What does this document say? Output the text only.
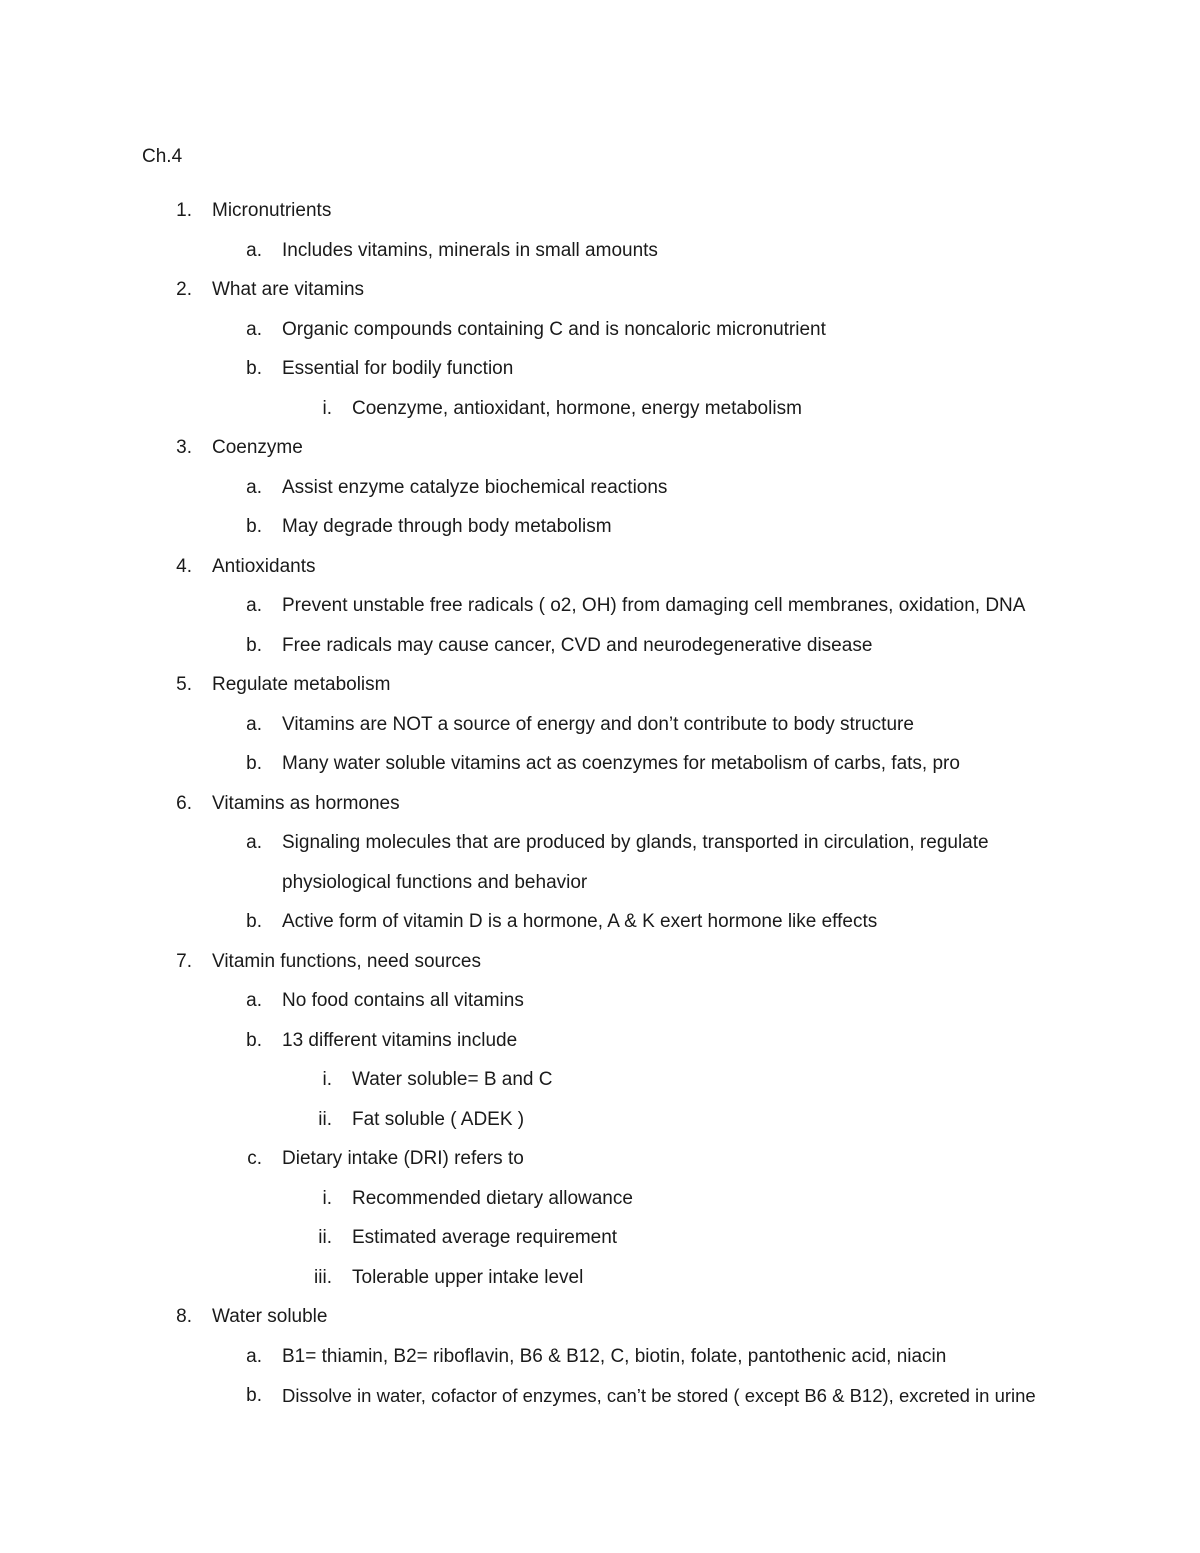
Ch.4
1. Micronutrients
a. Includes vitamins, minerals in small amounts
2. What are vitamins
a. Organic compounds containing C and is noncaloric micronutrient
b. Essential for bodily function
i. Coenzyme, antioxidant, hormone, energy metabolism
3. Coenzyme
a. Assist enzyme catalyze biochemical reactions
b. May degrade through body metabolism
4. Antioxidants
a. Prevent unstable free radicals ( o2, OH) from damaging cell membranes, oxidation, DNA
b. Free radicals may cause cancer, CVD and neurodegenerative disease
5. Regulate metabolism
a. Vitamins are NOT a source of energy and don’t contribute to body structure
b. Many water soluble vitamins act as coenzymes for metabolism of carbs, fats, pro
6. Vitamins as hormones
a. Signaling molecules that are produced by glands, transported in circulation, regulate
physiological functions and behavior
b. Active form of vitamin D is a hormone, A & K exert hormone like effects
7. Vitamin functions, need sources
a. No food contains all vitamins
b. 13 different vitamins include
i. Water soluble= B and C
ii. Fat soluble ( ADEK )
c. Dietary intake (DRI) refers to
i. Recommended dietary allowance
ii. Estimated average requirement
iii. Tolerable upper intake level
8. Water soluble
a. B1= thiamin, B2= riboflavin, B6 & B12, C, biotin, folate, pantothenic acid, niacin
b. Dissolve in water, cofactor of enzymes, can’t be stored ( except B6 & B12), excreted in urine
